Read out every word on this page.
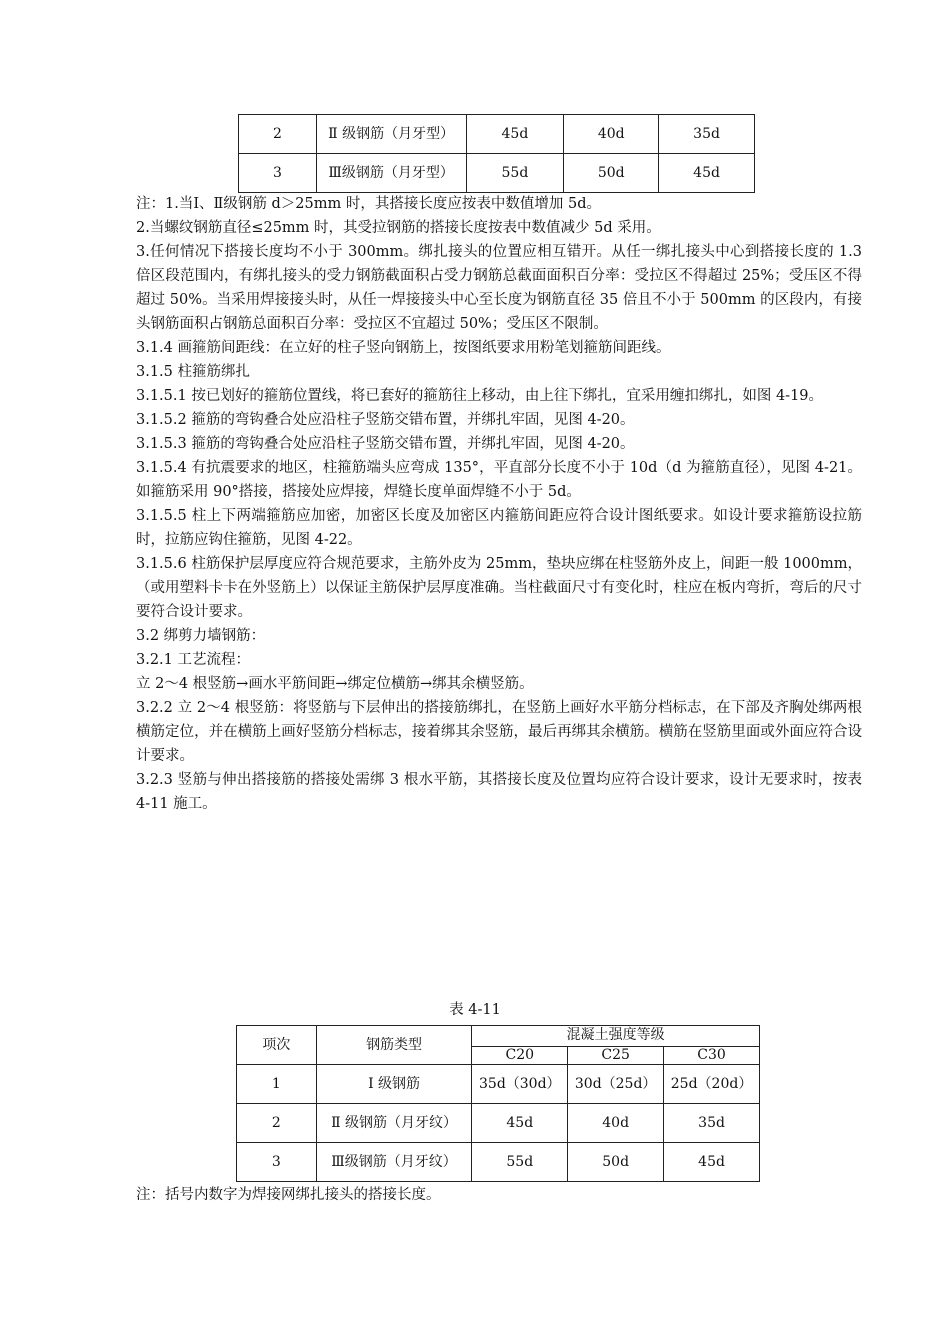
2	Ⅱ 级钢筋（月牙型）	45d	40d	35d
3	Ⅲ级钢筋（月牙型）	55d	50d	45d

注：1.当Ⅰ、Ⅱ级钢筋 d＞25mm 时，其搭接长度应按表中数值增加 5d。

2.当螺纹钢筋直径≤25mm 时，其受拉钢筋的搭接长度按表中数值减少 5d 采用。

3.任何情况下搭接长度均不小于 300mm。绑扎接头的位置应相互错开。从任一绑扎接头中心到搭接长度的 1.3 倍区段范围内，有绑扎接头的受力钢筋截面积占受力钢筋总截面面积百分率：受拉区不得超过 25%；受压区不得超过 50%。当采用焊接接头时，从任一焊接接头中心至长度为钢筋直径 35 倍且不小于 500mm 的区段内，有接头钢筋面积占钢筋总面积百分率：受拉区不宜超过 50%；受压区不限制。

3.1.4 画箍筋间距线：在立好的柱子竖向钢筋上，按图纸要求用粉笔划箍筋间距线。

3.1.5 柱箍筋绑扎

3.1.5.1 按已划好的箍筋位置线，将已套好的箍筋往上移动，由上往下绑扎，宜采用缠扣绑扎，如图 4-19。

3.1.5.2 箍筋的弯钩叠合处应沿柱子竖筋交错布置，并绑扎牢固，见图 4-20。

3.1.5.3 箍筋的弯钩叠合处应沿柱子竖筋交错布置，并绑扎牢固，见图 4-20。

3.1.5.4 有抗震要求的地区，柱箍筋端头应弯成 135°，平直部分长度不小于 10d（d 为箍筋直径），见图 4-21。如箍筋采用 90°搭接，搭接处应焊接，焊缝长度单面焊缝不小于 5d。

3.1.5.5 柱上下两端箍筋应加密，加密区长度及加密区内箍筋间距应符合设计图纸要求。如设计要求箍筋设拉筋时，拉筋应钩住箍筋，见图 4-22。

3.1.5.6 柱筋保护层厚度应符合规范要求，主筋外皮为 25mm，垫块应绑在柱竖筋外皮上，间距一般 1000mm，（或用塑料卡卡在外竖筋上）以保证主筋保护层厚度准确。当柱截面尺寸有变化时，柱应在板内弯折，弯后的尺寸要符合设计要求。

3.2 绑剪力墙钢筋：

3.2.1 工艺流程：

立 2～4 根竖筋→画水平筋间距→绑定位横筋→绑其余横竖筋。

3.2.2 立 2～4 根竖筋：将竖筋与下层伸出的搭接筋绑扎，在竖筋上画好水平筋分档标志，在下部及齐胸处绑两根横筋定位，并在横筋上画好竖筋分档标志，接着绑其余竖筋，最后再绑其余横筋。横筋在竖筋里面或外面应符合设计要求。

3.2.3 竖筋与伸出搭接筋的搭接处需绑 3 根水平筋，其搭接长度及位置均应符合设计要求，设计无要求时，按表 4-11 施工。

表 4-11
项次	钢筋类型	混凝土强度等级		
		C20	C25	C30
1	Ⅰ 级钢筋	35d（30d）	30d（25d）	25d（20d）
2	Ⅱ 级钢筋（月牙纹）	45d	40d	35d
3	Ⅲ级钢筋（月牙纹）	55d	50d	45d
注：括号内数字为焊接网绑扎接头的搭接长度。
